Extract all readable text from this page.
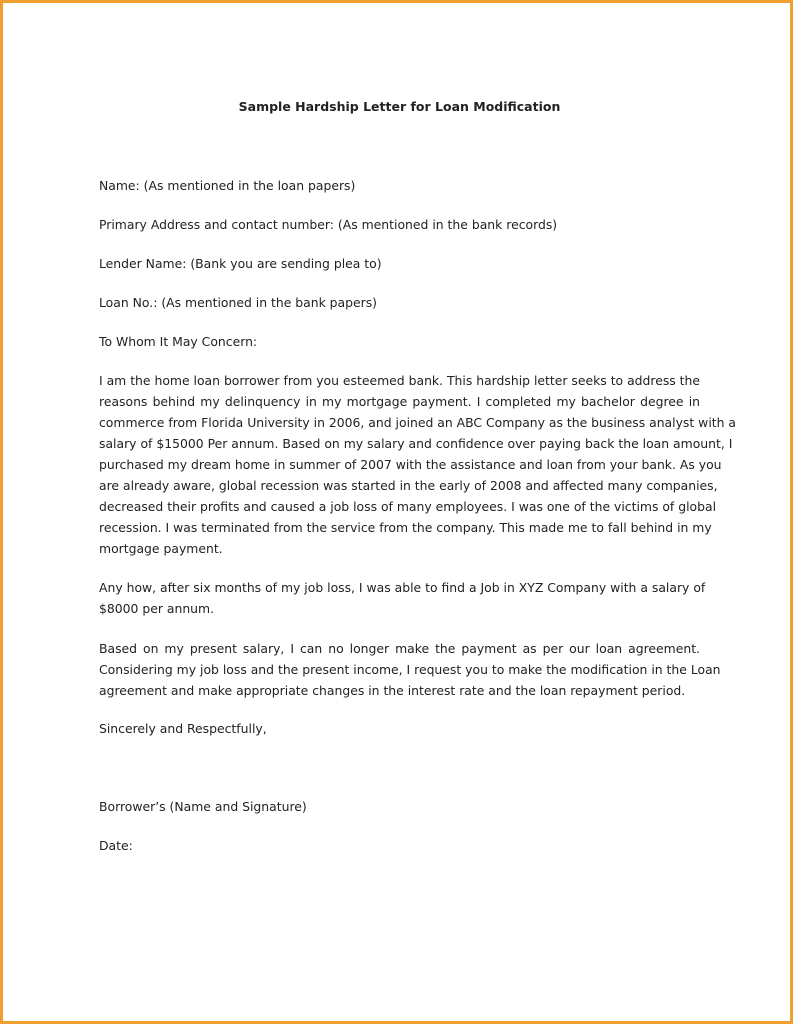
Sample Hardship Letter for Loan Modification
Name: (As mentioned in the loan papers)
Primary Address and contact number: (As mentioned in the bank records)
Lender Name: (Bank you are sending plea to)
Loan No.: (As mentioned in the bank papers)
To Whom It May Concern:
I am the home loan borrower from you esteemed bank. This hardship letter seeks to address the
reasons behind my delinquency in my mortgage payment. I completed my bachelor degree in
commerce from Florida University in 2006, and joined an ABC Company as the business analyst with a
salary of $15000 Per annum. Based on my salary and confidence over paying back the loan amount, I
purchased my dream home in summer of 2007 with the assistance and loan from your bank. As you
are already aware, global recession was started in the early of 2008 and affected many companies,
decreased their profits and caused a job loss of many employees. I was one of the victims of global
recession. I was terminated from the service from the company. This made me to fall behind in my
mortgage payment.
Any how, after six months of my job loss, I was able to find a Job in XYZ Company with a salary of
$8000 per annum.
Based on my present salary, I can no longer make the payment as per our loan agreement.
Considering my job loss and the present income, I request you to make the modification in the Loan
agreement and make appropriate changes in the interest rate and the loan repayment period.
Sincerely and Respectfully,
Borrower’s (Name and Signature)
Date:
